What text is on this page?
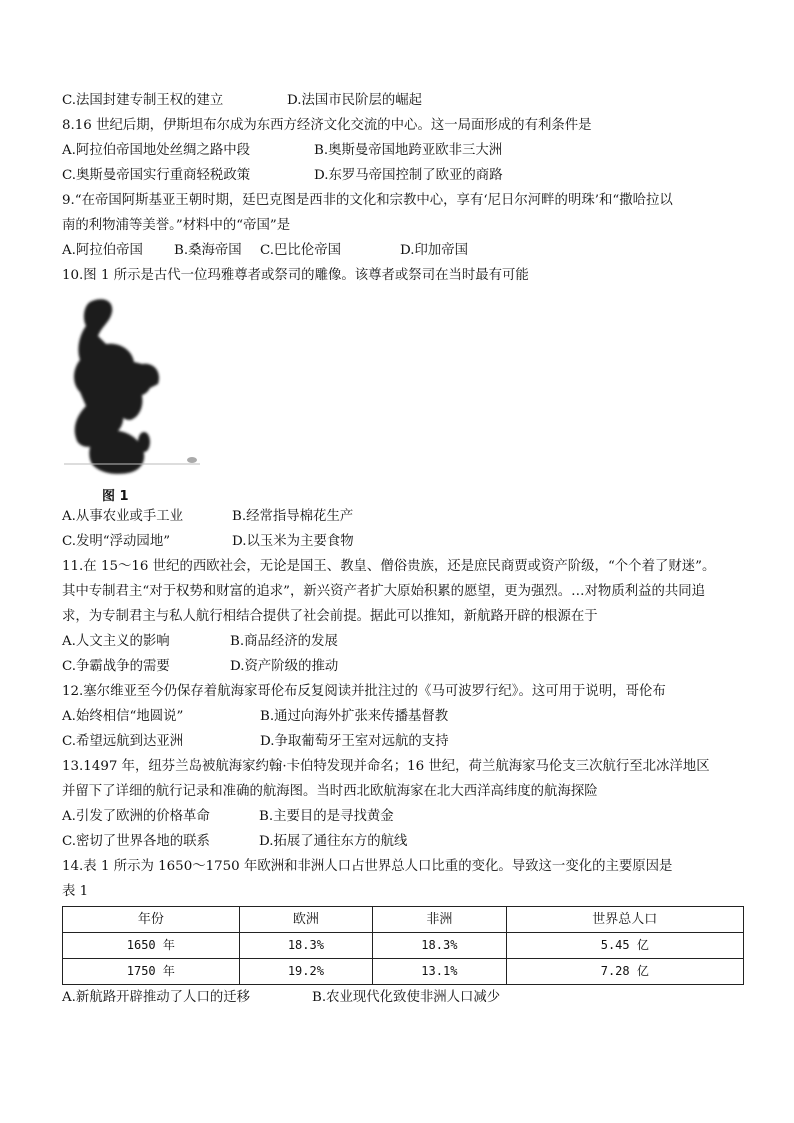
C.法国封建专制王权的建立	D.法国市民阶层的崛起
8.16 世纪后期，伊斯坦布尔成为东西方经济文化交流的中心。这一局面形成的有利条件是
A.阿拉伯帝国地处丝绸之路中段	B.奥斯曼帝国地跨亚欧非三大洲
C.奥斯曼帝国实行重商轻税政策	D.东罗马帝国控制了欧亚的商路
9.“在帝国阿斯基亚王朝时期，廷巴克图是西非的文化和宗教中心，享有‘尼日尔河畔的明珠’和“撒哈拉以
南的利物浦等美誉。”材料中的“帝国”是
A.阿拉伯帝国	B.桑海帝国	C.巴比伦帝国	D.印加帝国
10.图 1 所示是古代一位玛雅尊者或祭司的雕像。该尊者或祭司在当时最有可能
图 1
A.从事农业或手工业	B.经常指导棉花生产
C.发明“浮动园地”	D.以玉米为主要食物
11.在 15～16 世纪的西欧社会，无论是国王、教皇、僧俗贵族，还是庶民商贾或资产阶级，“个个着了财迷”。
其中专制君主“对于权势和财富的追求”，新兴资产者扩大原始积累的愿望，更为强烈。…对物质利益的共同追
求，为专制君主与私人航行相结合提供了社会前提。据此可以推知，新航路开辟的根源在于
A.人文主义的影响	B.商品经济的发展
C.争霸战争的需要	D.资产阶级的推动
12.塞尔维亚至今仍保存着航海家哥伦布反复阅读并批注过的《马可波罗行纪》。这可用于说明，哥伦布
A.始终相信“地圆说”	B.通过向海外扩张来传播基督教
C.希望远航到达亚洲	D.争取葡萄牙王室对远航的支持
13.1497 年，纽芬兰岛被航海家约翰·卡伯特发现并命名；16 世纪，荷兰航海家马伦支三次航行至北冰洋地区
并留下了详细的航行记录和准确的航海图。当时西北欧航海家在北大西洋高纬度的航海探险
A.引发了欧洲的价格革命	B.主要目的是寻找黄金
C.密切了世界各地的联系	D.拓展了通往东方的航线
14.表 1 所示为 1650～1750 年欧洲和非洲人口占世界总人口比重的变化。导致这一变化的主要原因是
表 1
年份	欧洲	非洲	世界总人口
1650 年	18.3%	18.3%	5.45 亿
1750 年	19.2%	13.1%	7.28 亿
A.新航路开辟推动了人口的迁移	B.农业现代化致使非洲人口减少
